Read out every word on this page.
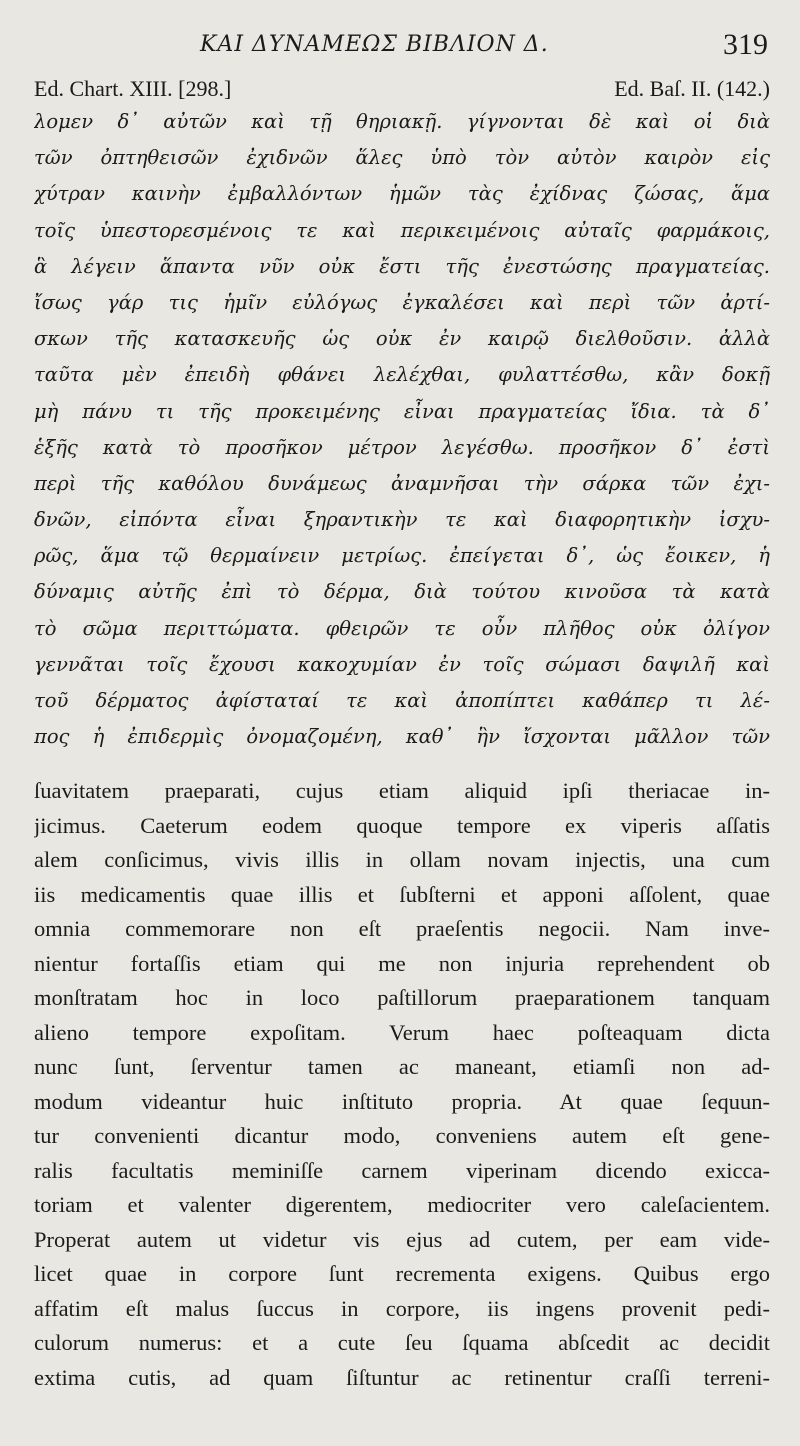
ΚΑΙ ΔΥΝΑΜΕΩΣ ΒΙΒΛΙΟΝ Δ.	319
Ed. Chart. XIII. [298.]	Ed. Baſ. II. (142.)
λομεν δ᾽ αὐτῶν καὶ τῇ θηριακῇ. γίγνονται δὲ καὶ οἱ διὰ
τῶν ὀπτηθεισῶν ἐχιδνῶν ἅλες ὑπὸ τὸν αὐτὸν καιρὸν εἰς
χύτραν καινὴν ἐμβαλλόντων ἡμῶν τὰς ἐχίδνας ζώσας, ἅμα
τοῖς ὑπεστορεσμένοις τε καὶ περικειμένοις αὐταῖς φαρμάκοις,
ἃ λέγειν ἅπαντα νῦν οὐκ ἔστι τῆς ἐνεστώσης πραγματείας.
ἴσως γάρ τις ἡμῖν εὐλόγως ἐγκαλέσει καὶ περὶ τῶν ἀρτί-
σκων τῆς κατασκευῆς ὡς οὐκ ἐν καιρῷ διελθοῦσιν. ἀλλὰ
ταῦτα μὲν ἐπειδὴ φθάνει λελέχθαι, φυλαττέσθω, κἂν δοκῇ
μὴ πάνυ τι τῆς προκειμένης εἶναι πραγματείας ἴδια. τὰ δ᾽
ἑξῆς κατὰ τὸ προσῆκον μέτρον λεγέσθω. προσῆκον δ᾽ ἐστὶ
περὶ τῆς καθόλου δυνάμεως ἀναμνῆσαι τὴν σάρκα τῶν ἐχι-
δνῶν, εἰπόντα εἶναι ξηραντικὴν τε καὶ διαφορητικὴν ἰσχυ-
ρῶς, ἅμα τῷ θερμαίνειν μετρίως. ἐπείγεται δ᾽, ὡς ἔοικεν, ἡ
δύναμις αὐτῆς ἐπὶ τὸ δέρμα, διὰ τούτου κινοῦσα τὰ κατὰ
τὸ σῶμα περιττώματα. φθειρῶν τε οὖν πλῆθος οὐκ ὀλίγον
γεννᾶται τοῖς ἔχουσι κακοχυμίαν ἐν τοῖς σώμασι δαψιλῆ καὶ
τοῦ δέρματος ἀφίσταταί τε καὶ ἀποπίπτει καθάπερ τι λέ-
πος ἡ ἐπιδερμὶς ὀνομαζομένη, καθ᾽ ἣν ἴσχονται μᾶλλον τῶν
ſuavitatem praeparati, cujus etiam aliquid ipſi theriacae in-
jicimus. Caeterum eodem quoque tempore ex viperis aſſatis
alem conſicimus, vivis illis in ollam novam injectis, una cum
iis medicamentis quae illis et ſubſterni et apponi aſſolent, quae
omnia commemorare non eſt praeſentis negocii. Nam inve-
nientur fortaſſis etiam qui me non injuria reprehendent ob
monſtratam hoc in loco paſtillorum praeparationem tanquam
alieno tempore expoſitam. Verum haec poſteaquam dicta
nunc ſunt, ſerventur tamen ac maneant, etiamſi non ad-
modum videantur huic inſtituto propria. At quae ſequun-
tur convenienti dicantur modo, conveniens autem eſt gene-
ralis facultatis meminiſſe carnem viperinam dicendo exicca-
toriam et valenter digerentem, mediocriter vero caleſacientem.
Properat autem ut videtur vis ejus ad cutem, per eam vide-
licet quae in corpore ſunt recrementa exigens. Quibus ergo
affatim eſt malus ſuccus in corpore, iis ingens provenit pedi-
culorum numerus: et a cute ſeu ſquama abſcedit ac decidit
extima cutis, ad quam ſiſtuntur ac retinentur craſſi terreni-
